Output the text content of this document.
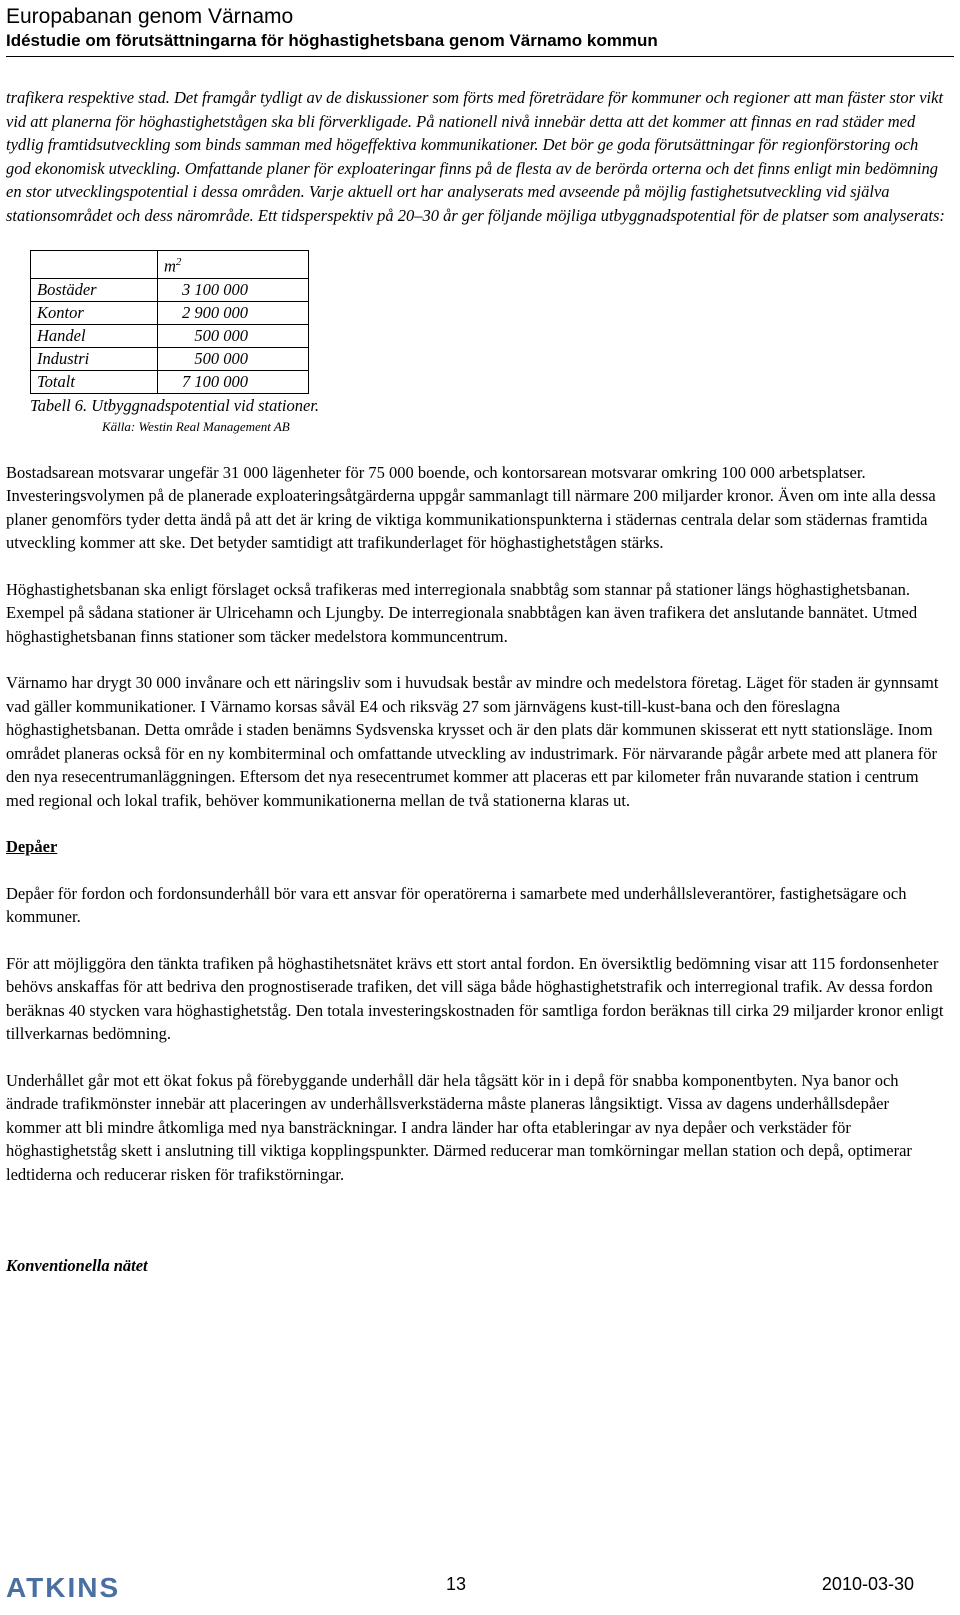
Europabanan genom Värnamo
Idéstudie om förutsättningarna för höghastighetsbana genom Värnamo kommun

trafikera respektive stad. Det framgår tydligt av de diskussioner som förts med företrädare för kommuner och regioner att man fäster stor vikt vid att planerna för höghastighetstågen ska bli förverkligade. På nationell nivå innebär detta att det kommer att finnas en rad städer med tydlig framtidsutveckling som binds samman med högeffektiva kommunikationer. Det bör ge goda förutsättningar för regionförstoring och god ekonomisk utveckling. Omfattande planer för exploateringar finns på de flesta av de berörda orterna och det finns enligt min bedömning en stor utvecklingspotential i dessa områden. Varje aktuell ort har analyserats med avseende på möjlig fastighetsutveckling vid själva stationsområdet och dess närområde. Ett tidsperspektiv på 20–30 år ger följande möjliga utbyggnadspotential för de platser som analyserats:

	$m^2$
Bostäder	3 100 000
Kontor	2 900 000
Handel	500 000
Industri	500 000
Totalt	7 100 000
Tabell 6. Utbyggnadspotential vid stationer.
Källa: Westin Real Management AB

Bostadsarean motsvarar ungefär 31 000 lägenheter för 75 000 boende, och kontorsarean motsvarar omkring 100 000 arbetsplatser. Investeringsvolymen på de planerade exploateringsåtgärderna uppgår sammanlagt till närmare 200 miljarder kronor. Även om inte alla dessa planer genomförs tyder detta ändå på att det är kring de viktiga kommunikationspunkterna i städernas centrala delar som städernas framtida utveckling kommer att ske. Det betyder samtidigt att trafikunderlaget för höghastighetstågen stärks.

Höghastighetsbanan ska enligt förslaget också trafikeras med interregionala snabbtåg som stannar på stationer längs höghastighetsbanan. Exempel på sådana stationer är Ulricehamn och Ljungby. De interregionala snabbtågen kan även trafikera det anslutande bannätet. Utmed höghastighetsbanan finns stationer som täcker medelstora kommuncentrum.

Värnamo har drygt 30 000 invånare och ett näringsliv som i huvudsak består av mindre och medelstora företag. Läget för staden är gynnsamt vad gäller kommunikationer. I Värnamo korsas såväl E4 och riksväg 27 som järnvägens kust-till-kust-bana och den föreslagna höghastighetsbanan. Detta område i staden benämns Sydsvenska krysset och är den plats där kommunen skisserat ett nytt stationsläge. Inom området planeras också för en ny kombiterminal och omfattande utveckling av industrimark. För närvarande pågår arbete med att planera för den nya resecentrumanläggningen. Eftersom det nya resecentrumet kommer att placeras ett par kilometer från nuvarande station i centrum med regional och lokal trafik, behöver kommunikationerna mellan de två stationerna klaras ut.

Depåer

Depåer för fordon och fordonsunderhåll bör vara ett ansvar för operatörerna i samarbete med underhållsleverantörer, fastighetsägare och kommuner.

För att möjliggöra den tänkta trafiken på höghastihetsnätet krävs ett stort antal fordon. En översiktlig bedömning visar att 115 fordonsenheter behövs anskaffas för att bedriva den prognostiserade trafiken, det vill säga både höghastighetstrafik och interregional trafik. Av dessa fordon beräknas 40 stycken vara höghastighetståg. Den totala investeringskostnaden för samtliga fordon beräknas till cirka 29 miljarder kronor enligt tillverkarnas bedömning.

Underhållet går mot ett ökat fokus på förebyggande underhåll där hela tågsätt kör in i depå för snabba komponentbyten. Nya banor och ändrade trafikmönster innebär att placeringen av underhållsverkstäderna måste planeras långsiktigt. Vissa av dagens underhållsdepåer kommer att bli mindre åtkomliga med nya bansträckningar. I andra länder har ofta etableringar av nya depåer och verkstäder för höghastighetståg skett i anslutning till viktiga kopplingspunkter. Därmed reducerar man tomkörningar mellan station och depå, optimerar ledtiderna och reducerar risken för trafikstörningar.

Konventionella nätet

ATKINS	13	2010-03-30
